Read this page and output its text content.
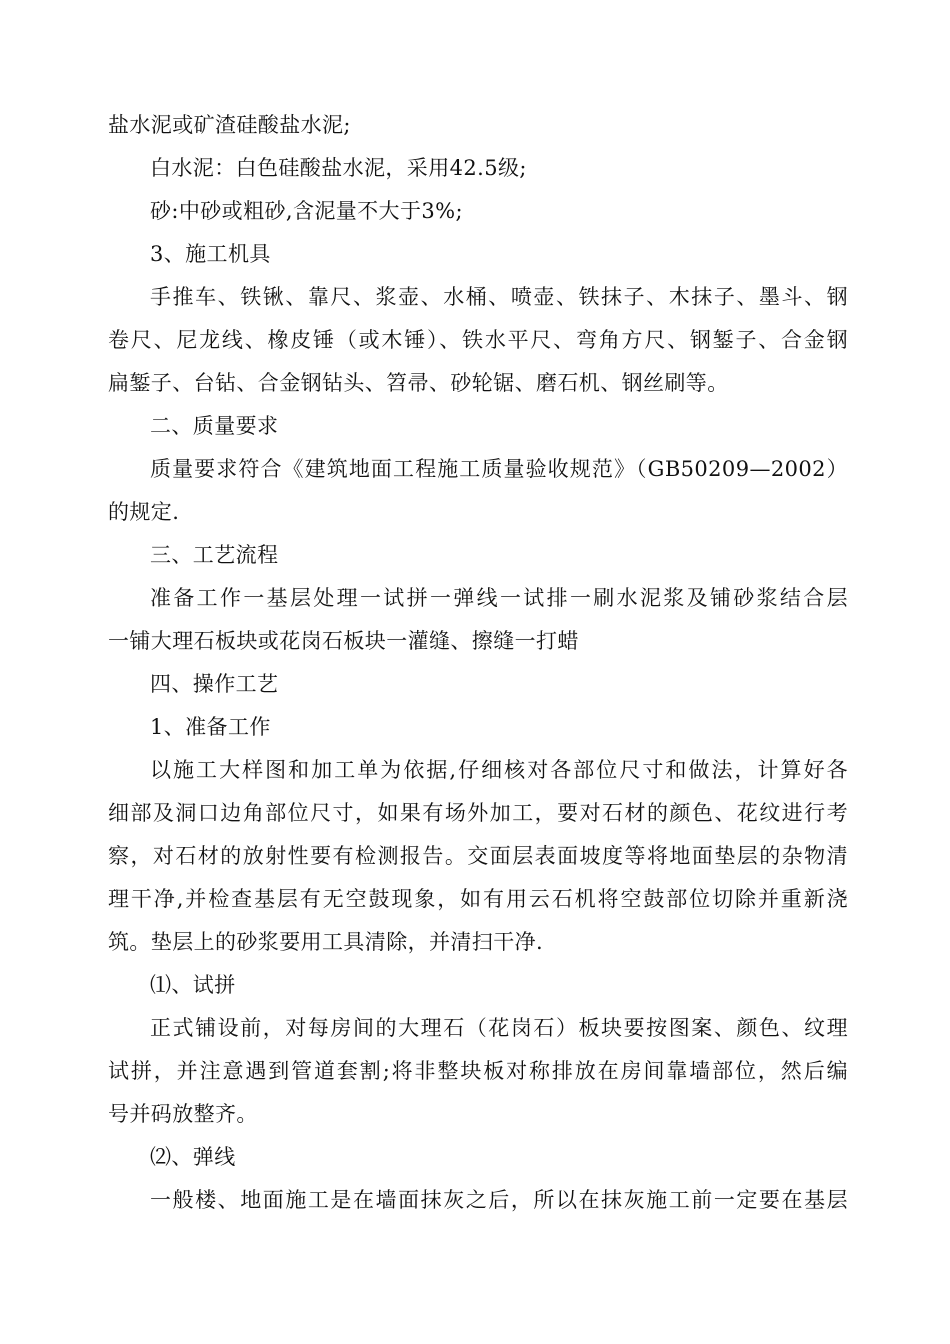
盐水泥或矿渣硅酸盐水泥;
白水泥：白色硅酸盐水泥，采用42.5级;
砂:中砂或粗砂,含泥量不大于3%;
3、施工机具
手推车、铁锹、靠尺、浆壶、水桶、喷壶、铁抹子、木抹子、墨斗、钢
卷尺、尼龙线、橡皮锤（或木锤）、铁水平尺、弯角方尺、钢錾子、合金钢
扁錾子、台钻、合金钢钻头、笤帚、砂轮锯、磨石机、钢丝刷等。
二、质量要求
质量要求符合《建筑地面工程施工质量验收规范》（GB50209—2002）
的规定.
三、工艺流程
准备工作一基层处理一试拼一弹线一试排一刷水泥浆及铺砂浆结合层
一铺大理石板块或花岗石板块一灌缝、擦缝一打蜡
四、操作工艺
1、准备工作
以施工大样图和加工单为依据,仔细核对各部位尺寸和做法，计算好各
细部及洞口边角部位尺寸，如果有场外加工，要对石材的颜色、花纹进行考
察，对石材的放射性要有检测报告。交面层表面坡度等将地面垫层的杂物清
理干净,并检查基层有无空鼓现象，如有用云石机将空鼓部位切除并重新浇
筑。垫层上的砂浆要用工具清除，并清扫干净.
⑴、试拼
正式铺设前，对每房间的大理石（花岗石）板块要按图案、颜色、纹理
试拼，并注意遇到管道套割;将非整块板对称排放在房间靠墙部位，然后编
号并码放整齐。
⑵、弹线
一般楼、地面施工是在墙面抹灰之后，所以在抹灰施工前一定要在基层
